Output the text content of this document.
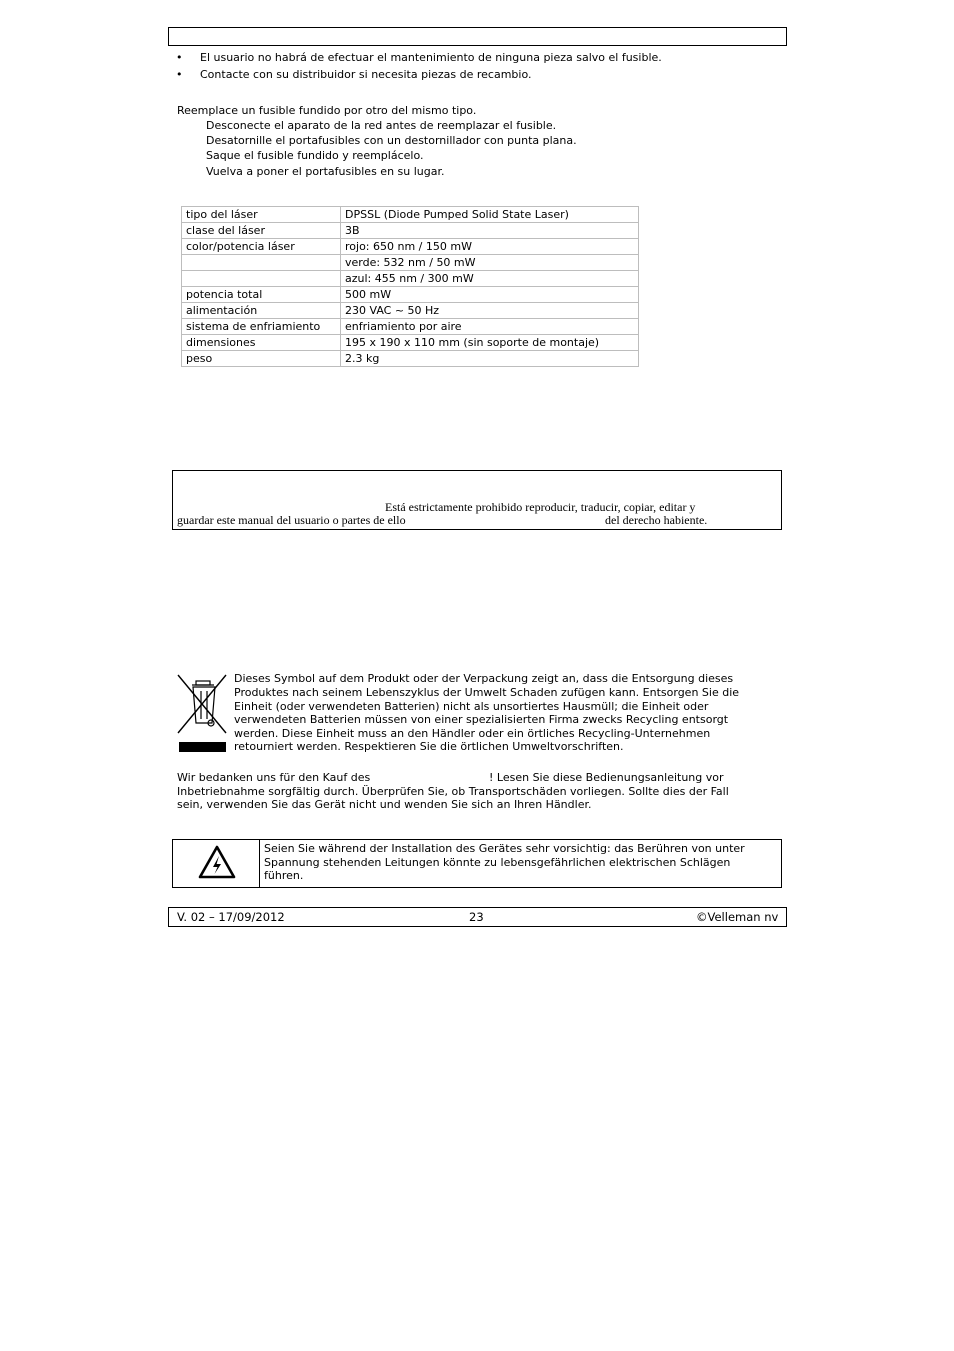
• El usuario no habrá de efectuar el mantenimiento de ninguna pieza salvo el fusible.
• Contacte con su distribuidor si necesita piezas de recambio.
Reemplace un fusible fundido por otro del mismo tipo.
Desconecte el aparato de la red antes de reemplazar el fusible.
Desatornille el portafusibles con un destornillador con punta plana.
Saque el fusible fundido y reemplácelo.
Vuelva a poner el portafusibles en su lugar.
tipo del láser	DPSSL (Diode Pumped Solid State Laser)
clase del láser	3B
color/potencia láser	rojo: 650 nm / 150 mW
	verde: 532 nm / 50 mW
	azul: 455 nm / 300 mW
potencia total	500 mW
alimentación	230 VAC ~ 50 Hz
sistema de enfriamiento	enfriamiento por aire
dimensiones	195 x 190 x 110 mm (sin soporte de montaje)
peso	2.3 kg
Está estrictamente prohibido reproducir, traducir, copiar, editar y
guardar este manual del usuario o partes de ello	del derecho habiente.
Dieses Symbol auf dem Produkt oder der Verpackung zeigt an, dass die Entsorgung dieses
Produktes nach seinem Lebenszyklus der Umwelt Schaden zufügen kann. Entsorgen Sie die
Einheit (oder verwendeten Batterien) nicht als unsortiertes Hausmüll; die Einheit oder
verwendeten Batterien müssen von einer spezialisierten Firma zwecks Recycling entsorgt
werden. Diese Einheit muss an den Händler oder ein örtliches Recycling-Unternehmen
retourniert werden. Respektieren Sie die örtlichen Umweltvorschriften.
Wir bedanken uns für den Kauf des	! Lesen Sie diese Bedienungsanleitung vor
Inbetriebnahme sorgfältig durch. Überprüfen Sie, ob Transportschäden vorliegen. Sollte dies der Fall
sein, verwenden Sie das Gerät nicht und wenden Sie sich an Ihren Händler.
Seien Sie während der Installation des Gerätes sehr vorsichtig: das Berühren von unter
Spannung stehenden Leitungen könnte zu lebensgefährlichen elektrischen Schlägen
führen.
V. 02 – 17/09/2012	23	©Velleman nv
